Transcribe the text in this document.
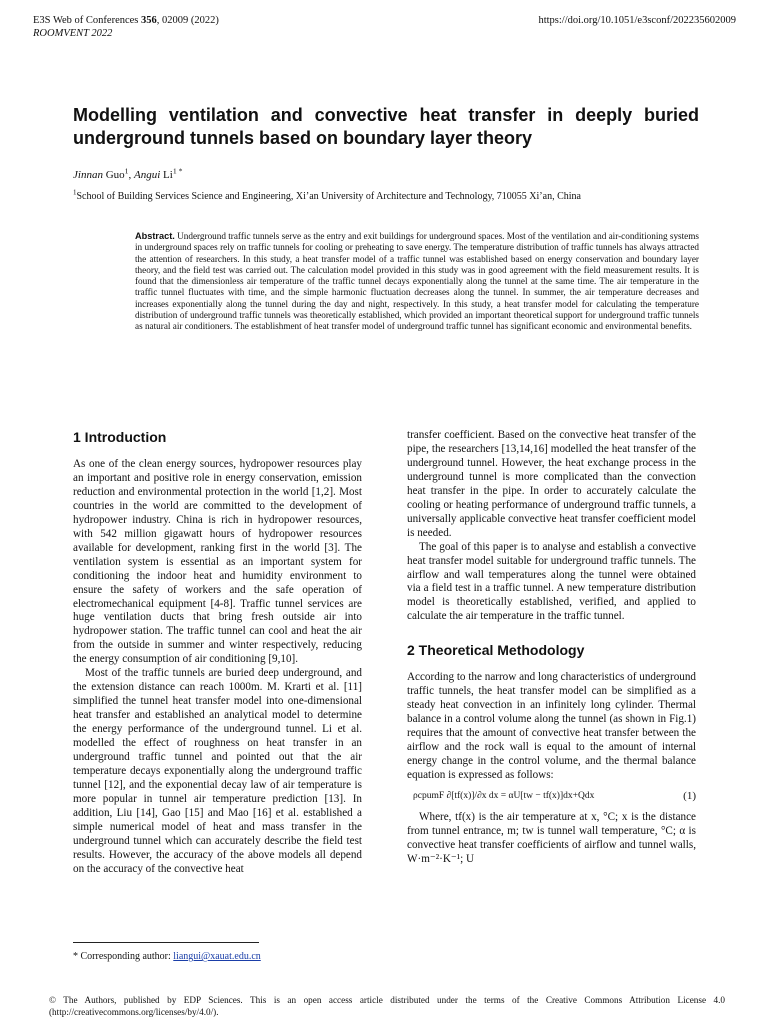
E3S Web of Conferences 356, 02009 (2022)
ROOMVENT 2022
https://doi.org/10.1051/e3sconf/202235602009
Modelling ventilation and convective heat transfer in deeply buried underground tunnels based on boundary layer theory
Jinnan Guo$^1$, Angui $Li^{1 *}$
$^1$School of Building Services Science and Engineering, Xi’an University of Architecture and Technology, 710055 Xi’an, China

Abstract. Underground traffic tunnels serve as the entry and exit buildings for underground spaces. Most of the ventilation and air-conditioning systems in underground spaces rely on traffic tunnels for cooling or preheating to save energy. The temperature distribution of traffic tunnels has always attracted the attention of researchers. In this study, a heat transfer model of a traffic tunnel was established based on energy conservation and boundary layer theory, and the field test was carried out. The calculation model provided in this study was in good agreement with the field measurement results. It is found that the dimensionless air temperature of the traffic tunnel decays exponentially along the tunnel at the same time. The air temperature in the traffic tunnel fluctuates with time, and the simple harmonic fluctuation decreases along the tunnel. In summer, the air temperature decreases and increases exponentially along the tunnel during the day and night, respectively. In this study, a heat transfer model for calculating the temperature distribution of underground traffic tunnels was theoretically established, which provided an important theoretical support for underground traffic tunnels as natural air conditioners. The establishment of heat transfer model of underground traffic tunnel has significant economic and environmental benefits.

1 Introduction

As one of the clean energy sources, hydropower resources play an important and positive role in energy conservation, emission reduction and environmental protection in the world [1,2]. Most countries in the world are committed to the development of hydropower industry. China is rich in hydropower resources, with 542 million gigawatt hours of hydropower resources available for development, ranking first in the world [3]. The ventilation system is essential as an important system for conditioning the indoor heat and humidity environment to ensure the safety of workers and the safe operation of electromechanical equipment [4-8]. Traffic tunnel services are huge ventilation ducts that bring fresh outside air into hydropower station. The traffic tunnel can cool and heat the air from the outside in summer and winter respectively, reducing the energy consumption of air conditioning [9,10].

Most of the traffic tunnels are buried deep underground, and the extension distance can reach 1000m. M. Krarti et al. [11] simplified the tunnel heat transfer model into one-dimensional heat transfer and established an analytical model to determine the energy performance of the underground tunnel. Li et al. modelled the effect of roughness on heat transfer in an underground traffic tunnel and pointed out that the air temperature decays exponentially along the underground traffic tunnel [12], and the exponential decay law of air temperature is more popular in tunnel air temperature prediction [13]. In addition, Liu [14], Gao [15] and Mao [16] et al. established a simple numerical model of heat and mass transfer in the underground tunnel which can accurately describe the field test results. However, the accuracy of the above models all depend on the accuracy of the convective heat

transfer coefficient. Based on the convective heat transfer of the pipe, the researchers [13,14,16] modelled the heat transfer of the underground tunnel. However, the heat exchange process in the underground tunnel is more complicated than the convection heat transfer in the pipe. In order to accurately calculate the cooling or heating performance of underground traffic tunnels, a universally applicable convective heat transfer coefficient model is needed.

The goal of this paper is to analyse and establish a convective heat transfer model suitable for underground traffic tunnels. The airflow and wall temperatures along the tunnel were obtained via a field test in a traffic tunnel. A new temperature distribution model is theoretically established, verified, and applied to calculate the air temperature in the traffic tunnel.

2 Theoretical Methodology

According to the narrow and long characteristics of underground traffic tunnels, the heat transfer model can be simplified as a steady heat convection in an infinitely long cylinder. Thermal balance in a control volume along the tunnel (as shown in Fig.1) requires that the amount of convective heat transfer between the airflow and the rock wall is equal to the amount of internal energy change in the control volume, and the thermal balance equation is expressed as follows:

ρcpumF ∂[tf(x)]/∂x dx = αU[tw − tf(x)]dx+Qdx	(1)

Where, tf(x) is the air temperature at x, °C; x is the distance from tunnel entrance, m; tw is tunnel wall temperature, °C; α is convective heat transfer coefficients of airflow and tunnel walls, W·m⁻²·K⁻¹; U

* Corresponding author: liangui@xauat.edu.cn

© The Authors, published by EDP Sciences. This is an open access article distributed under the terms of the Creative Commons Attribution License 4.0 (http://creativecommons.org/licenses/by/4.0/).
